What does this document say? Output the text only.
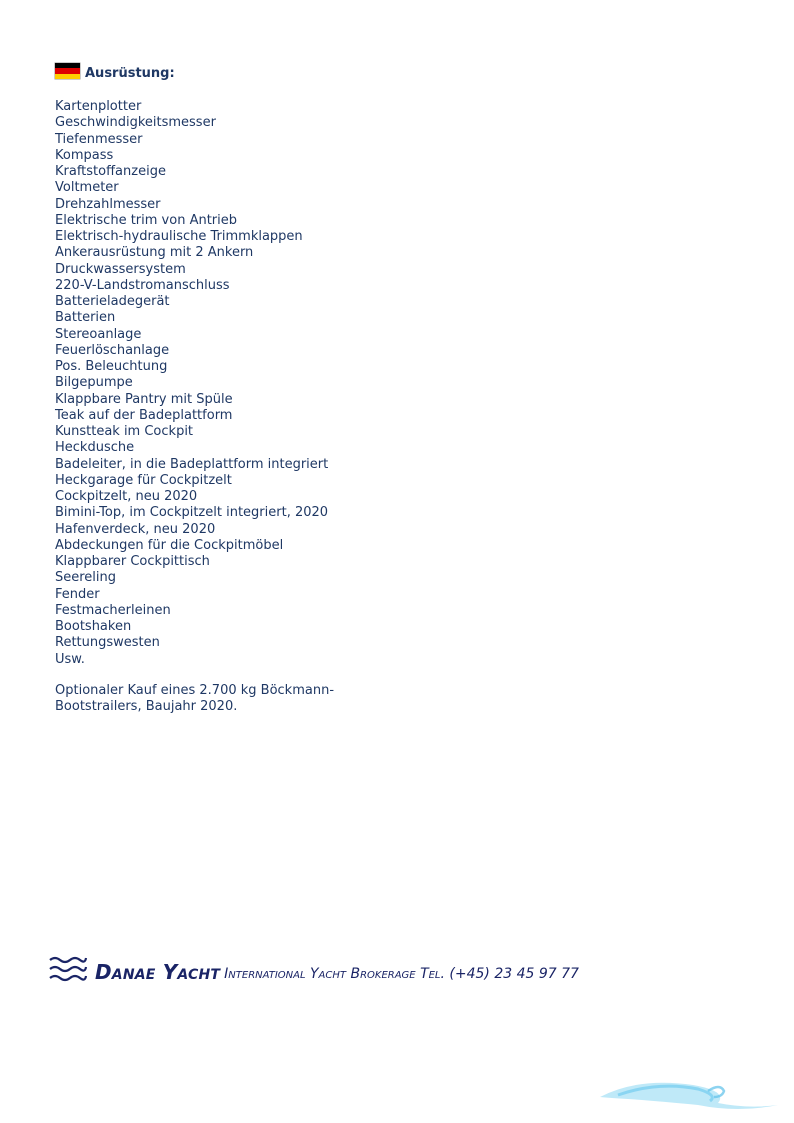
Ausrüstung:
Kartenplotter
Geschwindigkeitsmesser
Tiefenmesser
Kompass
Kraftstoffanzeige
Voltmeter
Drehzahlmesser
Elektrische trim von Antrieb
Elektrisch-hydraulische Trimmklappen
Ankerausrüstung mit 2 Ankern
Druckwassersystem
220-V-Landstromanschluss
Batterieladegerät
Batterien
Stereoanlage
Feuerlöschanlage
Pos. Beleuchtung
Bilgepumpe
Klappbare Pantry mit Spüle
Teak auf der Badeplattform
Kunstteak im Cockpit
Heckdusche
Badeleiter, in die Badeplattform integriert
Heckgarage für Cockpitzelt
Cockpitzelt, neu 2020
Bimini-Top, im Cockpitzelt integriert, 2020
Hafenverdeck, neu 2020
Abdeckungen für die Cockpitmöbel
Klappbarer Cockpittisch
Seereling
Fender
Festmacherleinen
Bootshaken
Rettungswesten
Usw.

Optionaler Kauf eines 2.700 kg Böckmann-Bootstrailers, Baujahr 2020.

Danae Yacht International Yacht Brokerage Tel. (+45) 23 45 97 77
